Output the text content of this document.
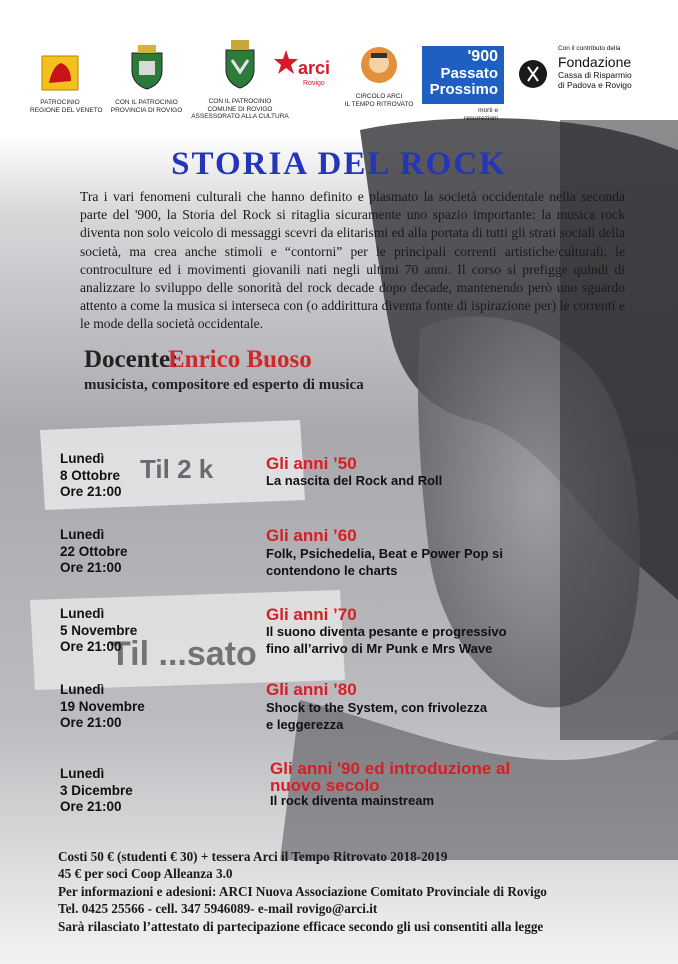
Til 2 k
Til ...sato
PATROCINIO
REGIONE DEL VENETO
CON IL PATROCINIO
PROVINCIA DI ROVIGO
CON IL PATROCINIO
COMUNE DI ROVIGO
ASSESSORATO ALLA CULTURA
arci
Rovigo
CIRCOLO ARCI
IL TEMPO RITROVATO
'900
Passato
Prossimo
morti e
resurrezioni
Con il contributo della
Fondazione
Cassa di Risparmio
di Padova e Rovigo
STORIA DEL ROCK
Tra i vari fenomeni culturali che hanno definito e plasmato la società occidentale nella seconda parte del '900, la Storia del Rock si ritaglia sicuramente uno spazio importante: la musica rock diventa non solo veicolo di messaggi scevri da elitarismi ed alla portata di tutti gli strati sociali della società, ma crea anche stimoli e “contorni” per le principali correnti artistiche/culturali, le controculture ed i movimenti giovanili nati negli ultimi 70 anni. Il corso si prefigge quindi di analizzare lo sviluppo delle sonorità del rock decade dopo decade, mantenendo però uno sguardo attento a come la musica si interseca con (o addirittura diventa fonte di ispirazione per) le correnti e le mode della società occidentale.
Docente:
Enrico Buoso
musicista, compositore ed esperto di musica
Lunedì
8 Ottobre
Ore 21:00
Gli anni ’50
La nascita del Rock and Roll
Lunedì
22 Ottobre
Ore 21:00
Gli anni ’60
Folk, Psichedelia, Beat e Power Pop si
contendono le charts
Lunedì
5 Novembre
Ore 21:00
Gli anni ’70
Il suono diventa pesante e progressivo
fino all’arrivo di Mr Punk e Mrs Wave
Lunedì
19 Novembre
Ore 21:00
Gli anni ’80
Shock to the System, con frivolezza
e leggerezza
Lunedì
3 Dicembre
Ore 21:00
Gli anni '90 ed introduzione al
nuovo secolo
Il rock diventa mainstream
Costi 50 € (studenti € 30) + tessera Arci il Tempo Ritrovato 2018-2019
45 € per soci Coop Alleanza 3.0
Per informazioni e adesioni: ARCI Nuova Associazione Comitato Provinciale di Rovigo
Tel. 0425 25566 - cell. 347 5946089- e-mail rovigo@arci.it
Sarà rilasciato l’attestato di partecipazione efficace secondo gli usi consentiti alla legge
